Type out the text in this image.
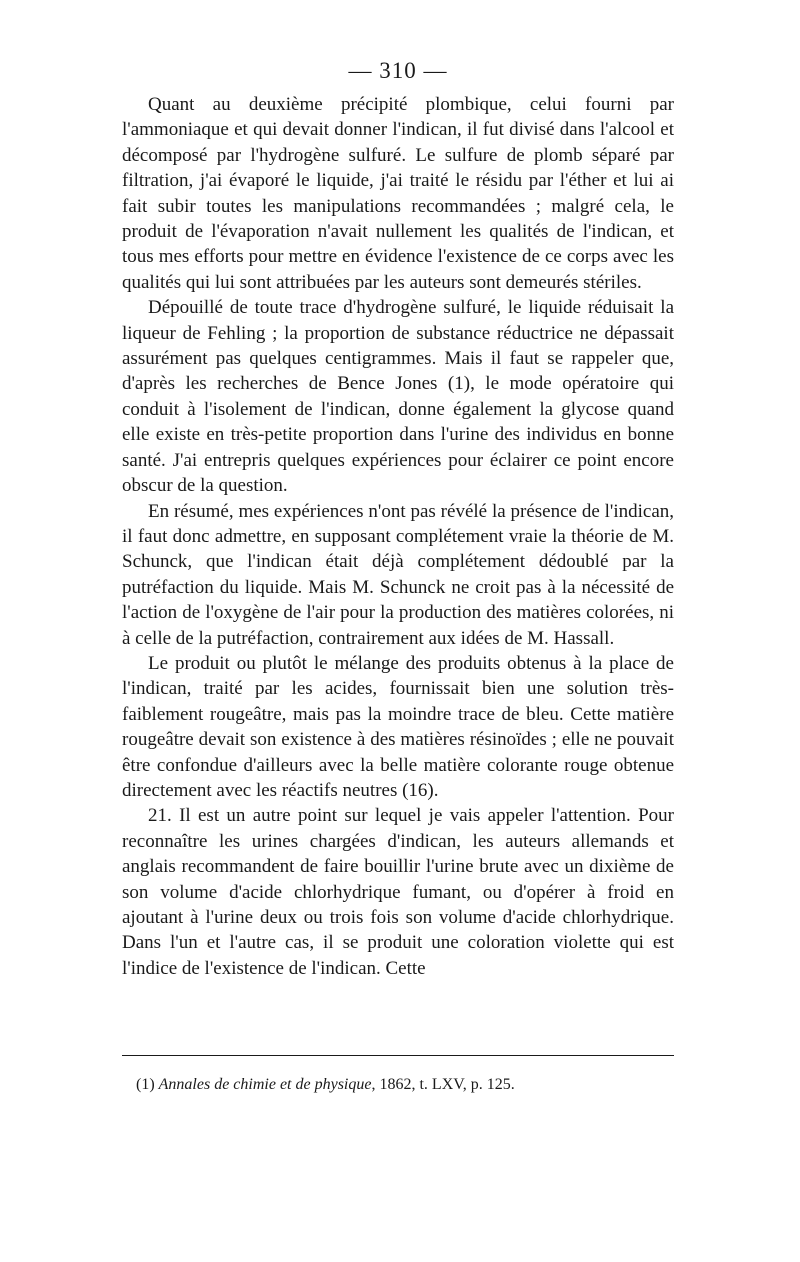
— 310 —

Quant au deuxième précipité plombique, celui fourni par l'ammoniaque et qui devait donner l'indican, il fut divisé dans l'alcool et décomposé par l'hydrogène sulfuré. Le sulfure de plomb séparé par filtration, j'ai évaporé le liquide, j'ai traité le résidu par l'éther et lui ai fait subir toutes les manipulations recommandées ; malgré cela, le produit de l'évaporation n'avait nullement les qualités de l'indican, et tous mes efforts pour mettre en évidence l'existence de ce corps avec les qualités qui lui sont attribuées par les auteurs sont demeurés stériles.

Dépouillé de toute trace d'hydrogène sulfuré, le liquide réduisait la liqueur de Fehling ; la proportion de substance réductrice ne dépassait assurément pas quelques centigrammes. Mais il faut se rappeler que, d'après les recherches de Bence Jones (1), le mode opératoire qui conduit à l'isolement de l'indican, donne également la glycose quand elle existe en très-petite proportion dans l'urine des individus en bonne santé. J'ai entrepris quelques expériences pour éclairer ce point encore obscur de la question.

En résumé, mes expériences n'ont pas révélé la présence de l'indican, il faut donc admettre, en supposant complétement vraie la théorie de M. Schunck, que l'indican était déjà complétement dédoublé par la putréfaction du liquide. Mais M. Schunck ne croit pas à la nécessité de l'action de l'oxygène de l'air pour la production des matières colorées, ni à celle de la putréfaction, contrairement aux idées de M. Hassall.

Le produit ou plutôt le mélange des produits obtenus à la place de l'indican, traité par les acides, fournissait bien une solution très-faiblement rougeâtre, mais pas la moindre trace de bleu. Cette matière rougeâtre devait son existence à des matières résinoïdes ; elle ne pouvait être confondue d'ailleurs avec la belle matière colorante rouge obtenue directement avec les réactifs neutres (16).

21. Il est un autre point sur lequel je vais appeler l'attention. Pour reconnaître les urines chargées d'indican, les auteurs allemands et anglais recommandent de faire bouillir l'urine brute avec un dixième de son volume d'acide chlorhydrique fumant, ou d'opérer à froid en ajoutant à l'urine deux ou trois fois son volume d'acide chlorhydrique. Dans l'un et l'autre cas, il se produit une coloration violette qui est l'indice de l'existence de l'indican. Cette

(1) Annales de chimie et de physique, 1862, t. LXV, p. 125.
